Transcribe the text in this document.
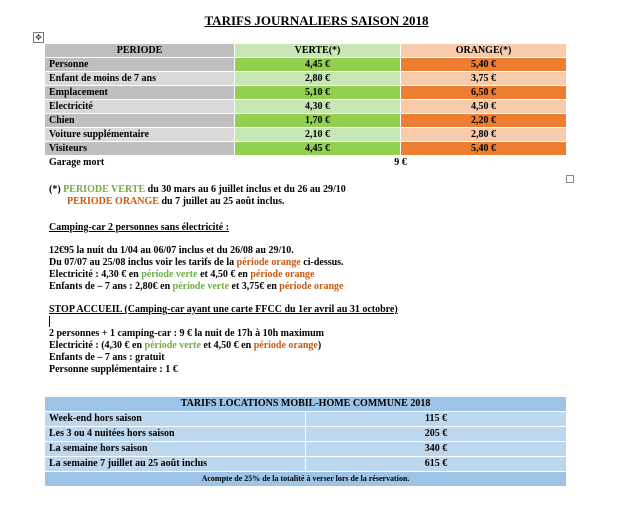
TARIFS JOURNALIERS SAISON 2018
✥
PERIODE	VERTE(*)	ORANGE(*)
Personne	4,45 €	5,40 €
Enfant de moins de 7 ans	2,80 €	3,75 €
Emplacement	5,10 €	6,50 €
Electricité	4,30 €	4,50 €
Chien	1,70 €	2,20 €
Voiture supplémentaire	2,10 €	2,80 €
Visiteurs	4,45 €	5,40 €
Garage mort	9 €	
(*) PERIODE VERTE du 30 mars au 6 juillet inclus et du 26 au 29/10
PERIODE ORANGE du 7 juillet au 25 août inclus.
Camping-car 2 personnes sans électricité :
12€95 la nuit du 1/04 au 06/07 inclus et du 26/08 au 29/10.
Du 07/07 au 25/08 inclus voir les tarifs de la période orange ci-dessus.
Electricité : 4,30 € en période verte et 4,50 € en période orange
Enfants de – 7 ans : 2,80€ en période verte et 3,75€ en période orange
STOP ACCUEIL (Camping-car ayant une carte FFCC du 1er avril au 31 octobre)
2 personnes + 1 camping-car : 9 € la nuit de 17h à 10h maximum
Electricité : (4,30 € en période verte et 4,50 € en période orange)
Enfants de – 7 ans : gratuit
Personne supplémentaire : 1 €
TARIFS LOCATIONS MOBIL-HOME COMMUNE 2018	
Week-end hors saison	115 €
Les 3 ou 4 nuitées hors saison	205 €
La semaine hors saison	340 €
La semaine 7 juillet au 25 août inclus	615 €
Acompte de 25% de la totalité à verser lors de la réservation.	
